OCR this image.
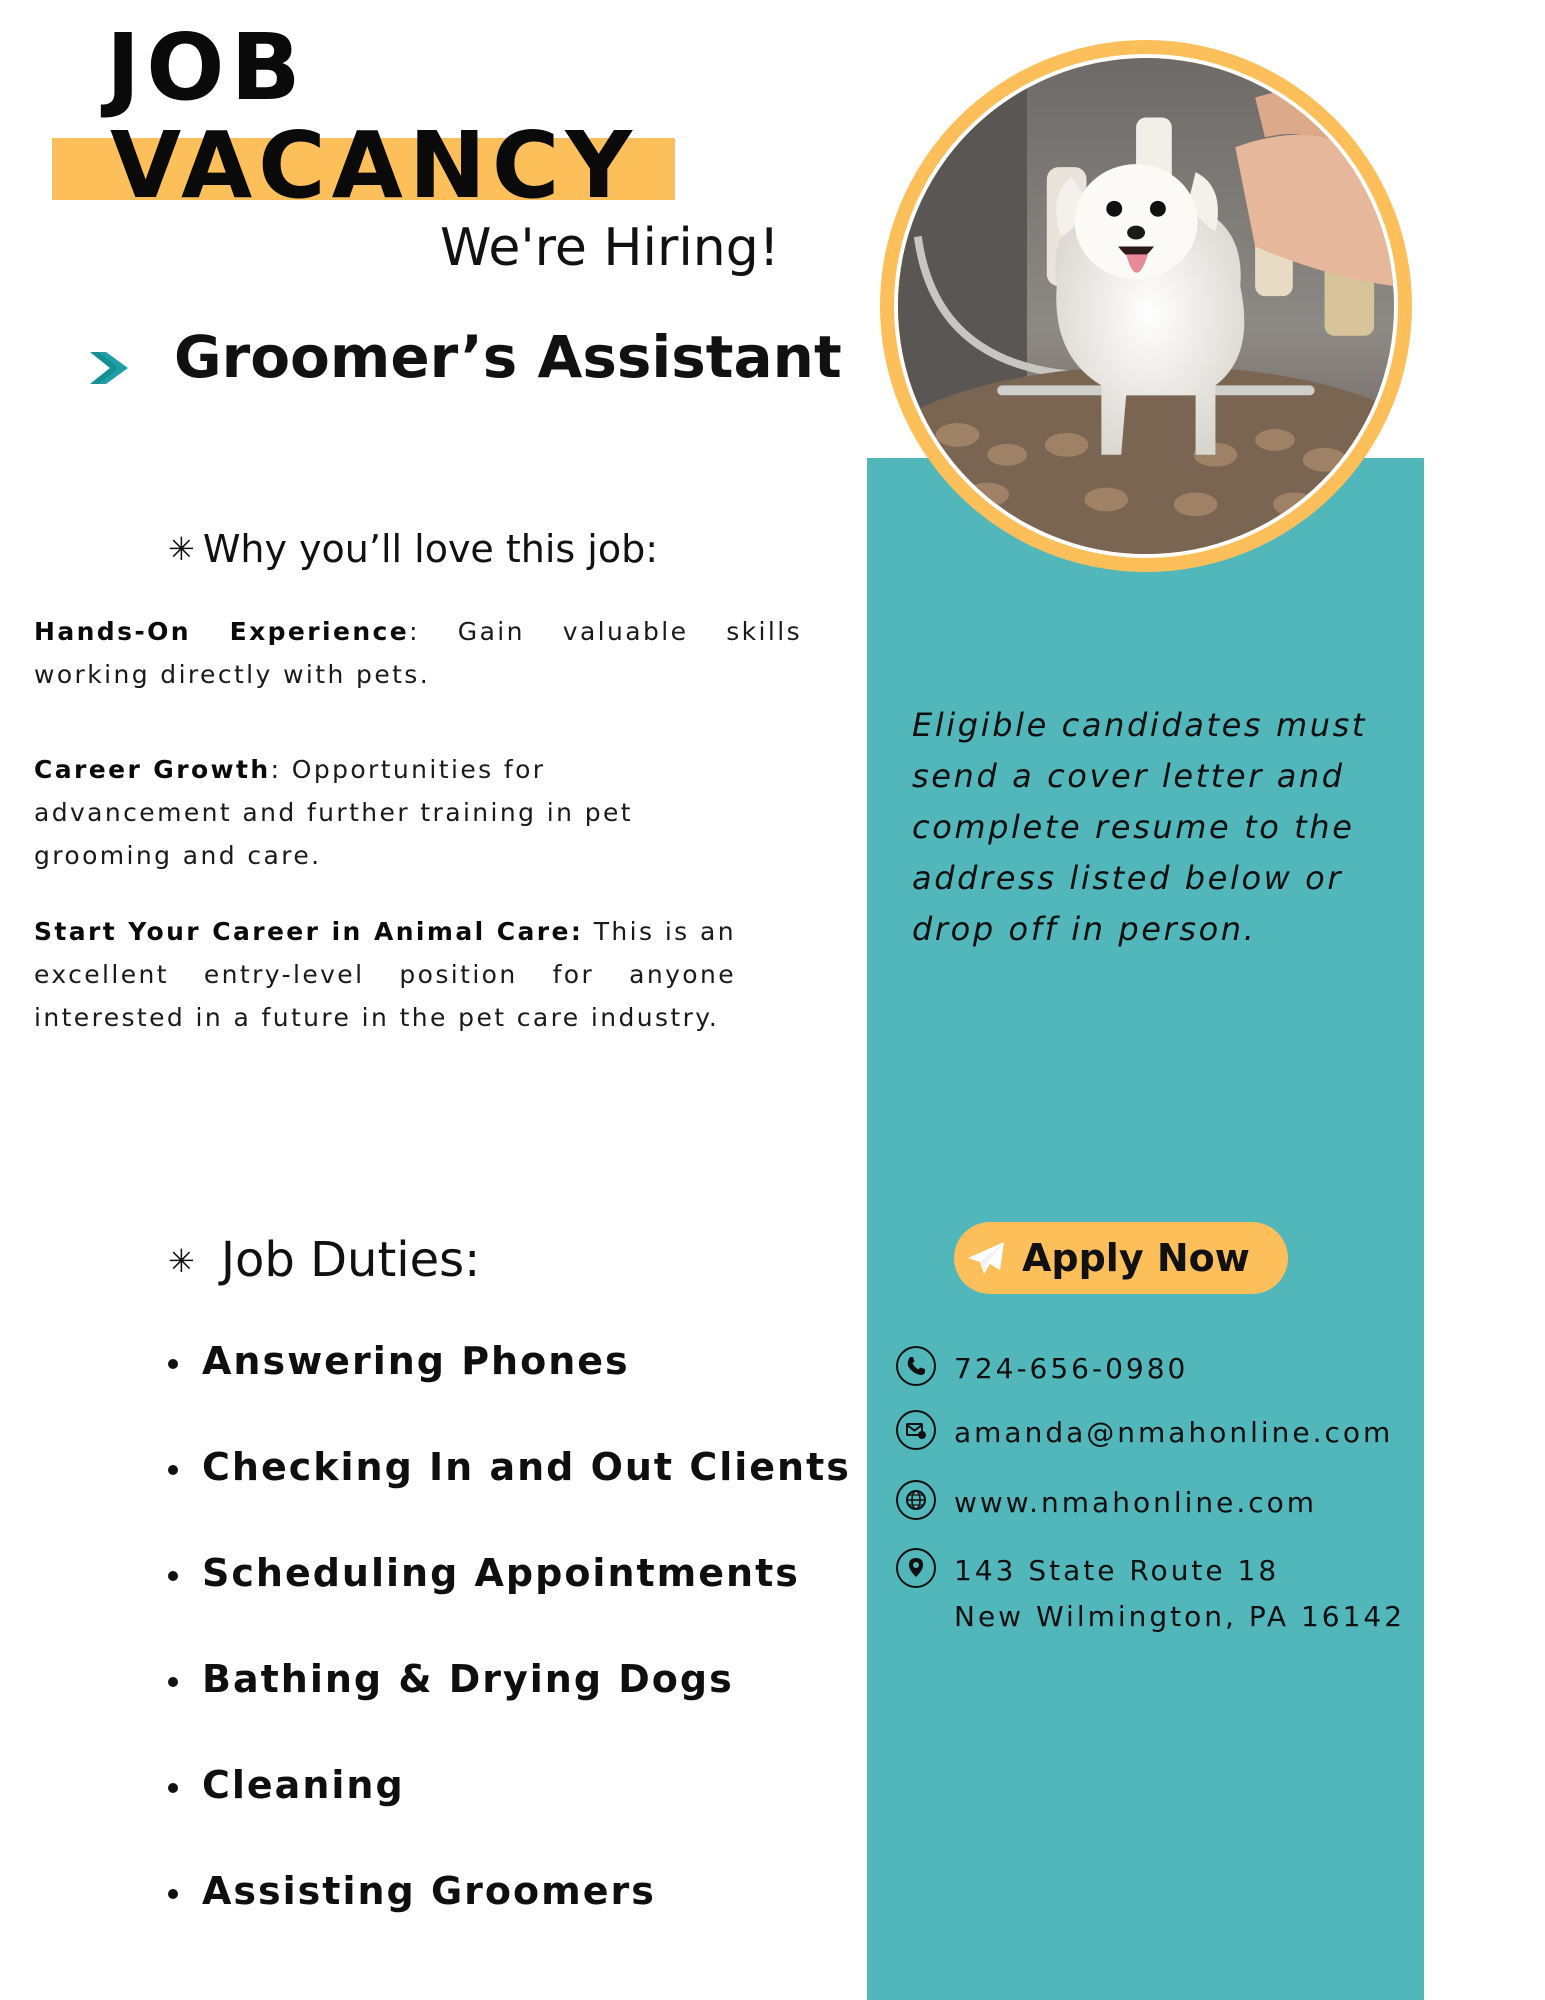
JOB
VACANCY
We're Hiring!
Groomer’s Assistant
✳ Why you’ll love this job:
Hands-On Experience: Gain valuable skills working directly with pets.
Career Growth: Opportunities for advancement and further training in pet grooming and care.
Start Your Career in Animal Care: This is an excellent entry-level position for anyone interested in a future in the pet care industry.
✳ Job Duties:
Answering Phones
Checking In and Out Clients
Scheduling Appointments
Bathing & Drying Dogs
Cleaning
Assisting Groomers
Eligible candidates must send a cover letter and complete resume to the address listed below or drop off in person.
Apply Now
724-656-0980
amanda@nmahonline.com
www.nmahonline.com
143 State Route 18
New Wilmington, PA 16142
